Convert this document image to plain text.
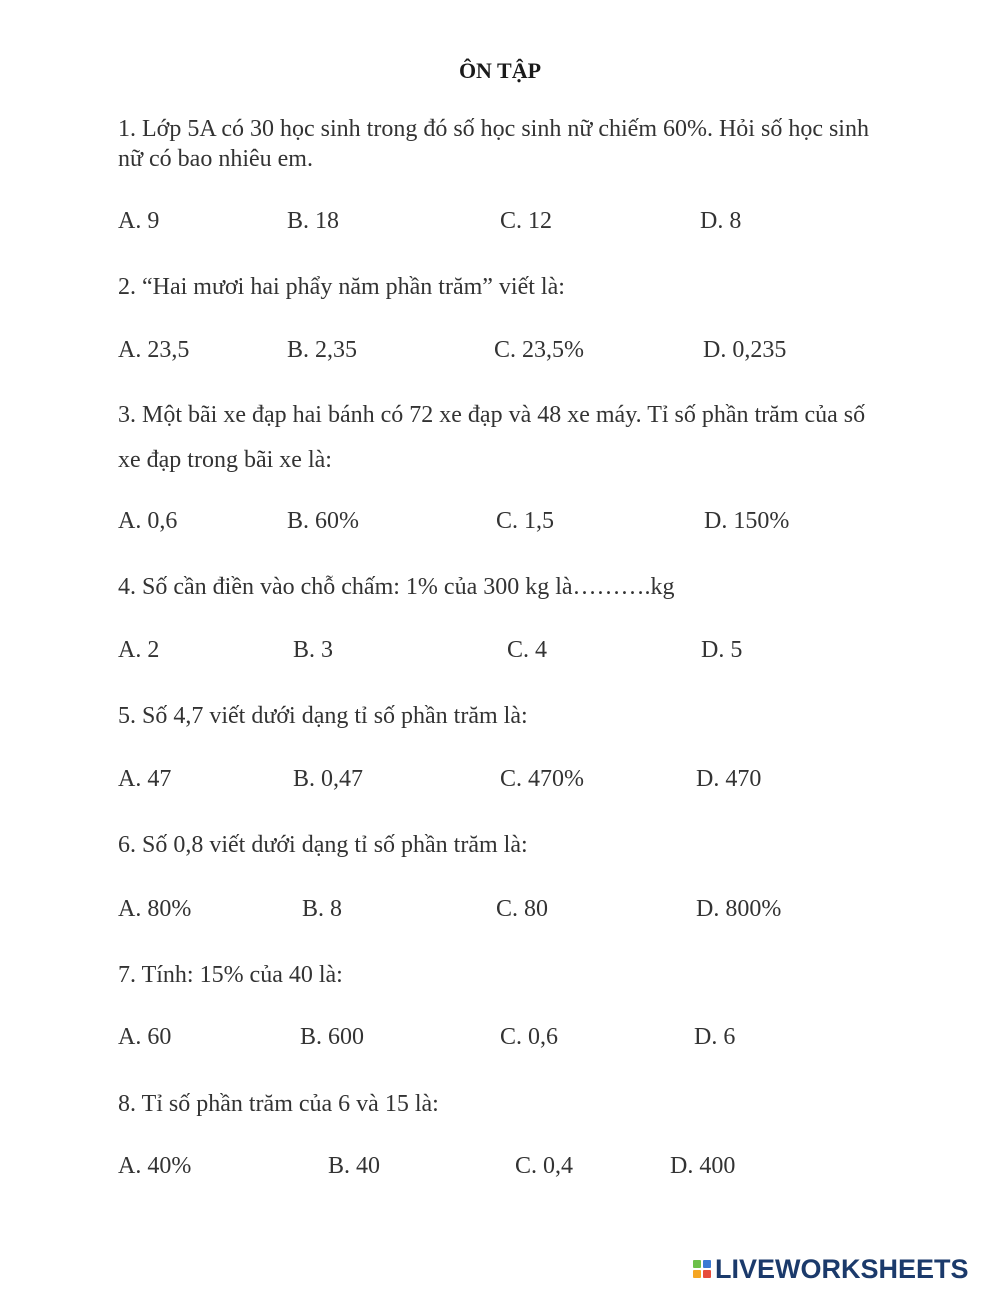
ÔN TẬP
1. Lớp 5A có 30 học sinh trong đó số học sinh nữ chiếm 60%. Hỏi số học sinh nữ có bao nhiêu em.
A. 9	B. 18	C. 12	D. 8
2. “Hai mươi hai phẩy năm phần trăm” viết là:
A. 23,5	B. 2,35	C. 23,5%	D. 0,235
3. Một bãi xe đạp hai bánh có 72 xe đạp và 48 xe máy. Tỉ số phần trăm của số xe đạp trong bãi xe là:
A. 0,6	B. 60%	C. 1,5	D. 150%
4. Số cần điền vào chỗ chấm: 1% của 300 kg là……….kg
A. 2	B. 3	C. 4	D. 5
5. Số 4,7 viết dưới dạng tỉ số phần trăm là:
A. 47	B. 0,47	C. 470%	D. 470
6. Số 0,8 viết dưới dạng tỉ số phần trăm là:
A. 80%	B. 8	C. 80	D. 800%
7. Tính: 15% của 40 là:
A. 60	B. 600	C. 0,6	D. 6
8. Tỉ số phần trăm của 6 và 15 là:
A. 40%	B. 40	C. 0,4	D. 400
LIVEWORKSHEETS
